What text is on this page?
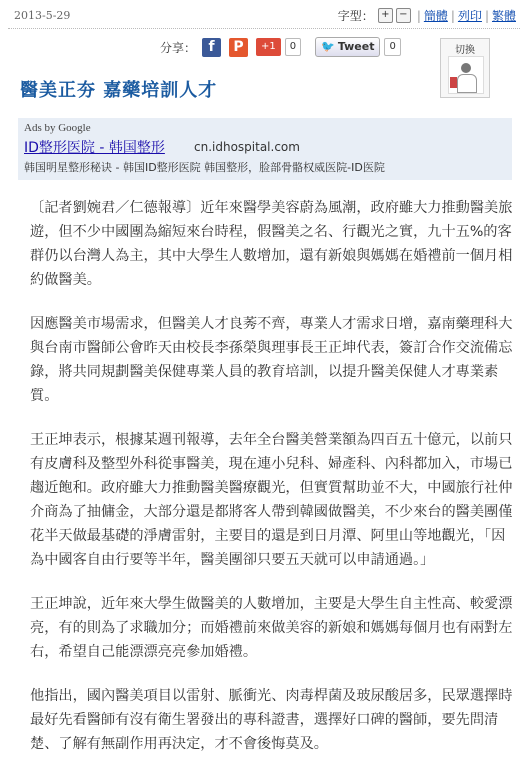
2013-5-29	字型： + − | 簡體 | 列印 | 繁體
分享： f	P	+1	0	🐦 Tweet	0	切換
醫美正夯 嘉藥培訓人才
Ads by Google
ID整形医院 - 韩国整形 cn.idhospital.com
韩国明星整形秘诀 - 韩国ID整形医院 韩国整形，脸部骨骼权威医院-ID医院

〔記者劉婉君／仁德報導〕近年來醫學美容蔚為風潮，政府雖大力推動醫美旅遊，但不少中國團為縮短來台時程，假醫美之名、行觀光之實，九十五%的客群仍以台灣人為主，其中大學生人數增加，還有新娘與媽媽在婚禮前一個月相約做醫美。

因應醫美市場需求，但醫美人才良莠不齊，專業人才需求日增，嘉南藥理科大與台南市醫師公會昨天由校長李孫榮與理事長王正坤代表，簽訂合作交流備忘錄，將共同規劃醫美保健專業人員的教育培訓，以提升醫美保健人才專業素質。

王正坤表示，根據某週刊報導，去年全台醫美營業額為四百五十億元，以前只有皮膚科及整型外科從事醫美，現在連小兒科、婦產科、內科都加入，市場已趨近飽和。政府雖大力推動醫美醫療觀光，但實質幫助並不大，中國旅行社仲介商為了抽傭金，大部分還是都將客人帶到韓國做醫美，不少來台的醫美團僅花半天做最基礎的淨膚雷射，主要目的還是到日月潭、阿里山等地觀光，「因為中國客自由行要等半年，醫美團卻只要五天就可以申請通過。」

王正坤說，近年來大學生做醫美的人數增加，主要是大學生自主性高、較愛漂亮，有的則為了求職加分；而婚禮前來做美容的新娘和媽媽每個月也有兩對左右，希望自己能漂漂亮亮參加婚禮。

他指出，國內醫美項目以雷射、脈衝光、肉毒桿菌及玻尿酸居多，民眾選擇時最好先看醫師有沒有衛生署發出的專科證書，選擇好口碑的醫師，要先問清楚、了解有無副作用再決定，才不會後悔莫及。
